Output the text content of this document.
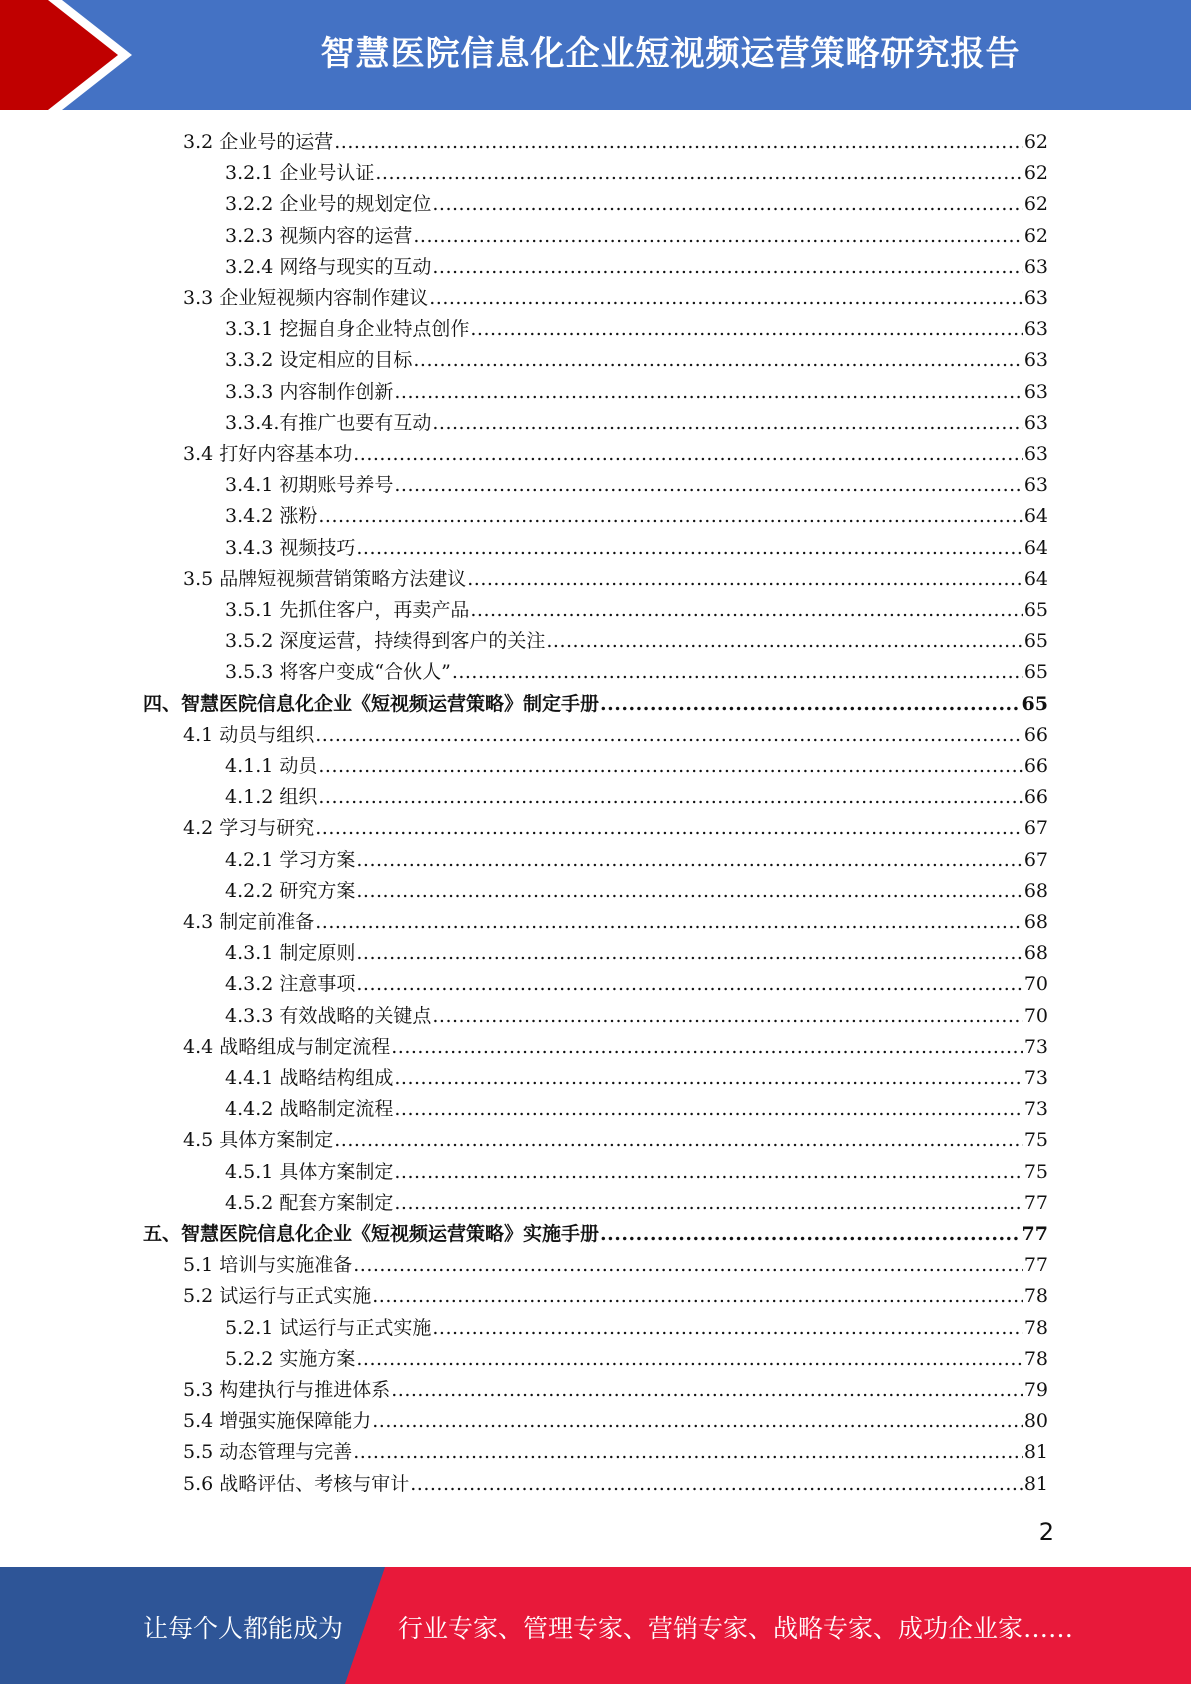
智慧医院信息化企业短视频运营策略研究报告
3.2 企业号的运营 .....	62
3.2.1 企业号认证 .....	62
3.2.2 企业号的规划定位 .....	62
3.2.3 视频内容的运营 .....	62
3.2.4 网络与现实的互动 .....	63
3.3 企业短视频内容制作建议 .....	63
3.3.1 挖掘自身企业特点创作 .....	63
3.3.2 设定相应的目标 .....	63
3.3.3 内容制作创新 .....	63
3.3.4.有推广也要有互动 .....	63
3.4 打好内容基本功 .....	63
3.4.1 初期账号养号 .....	63
3.4.2 涨粉 .....	64
3.4.3 视频技巧 .....	64
3.5 品牌短视频营销策略方法建议 .....	64
3.5.1 先抓住客户，再卖产品 .....	65
3.5.2 深度运营，持续得到客户的关注 .....	65
3.5.3 将客户变成“合伙人” .....	65
四、智慧医院信息化企业《短视频运营策略》制定手册 .....	65
4.1 动员与组织 .....	66
4.1.1 动员 .....	66
4.1.2 组织 .....	66
4.2 学习与研究 .....	67
4.2.1 学习方案 .....	67
4.2.2 研究方案 .....	68
4.3 制定前准备 .....	68
4.3.1 制定原则 .....	68
4.3.2 注意事项 .....	70
4.3.3 有效战略的关键点 .....	70
4.4 战略组成与制定流程 .....	73
4.4.1 战略结构组成 .....	73
4.4.2 战略制定流程 .....	73
4.5 具体方案制定 .....	75
4.5.1 具体方案制定 .....	75
4.5.2 配套方案制定 .....	77
五、智慧医院信息化企业《短视频运营策略》实施手册 .....	77
5.1 培训与实施准备 .....	77
5.2 试运行与正式实施 .....	78
5.2.1 试运行与正式实施 .....	78
5.2.2 实施方案 .....	78
5.3 构建执行与推进体系 .....	79
5.4 增强实施保障能力 .....	80
5.5 动态管理与完善 .....	81
5.6 战略评估、考核与审计 .....	81
2
让每个人都能成为 行业专家、管理专家、营销专家、战略专家、成功企业家……
